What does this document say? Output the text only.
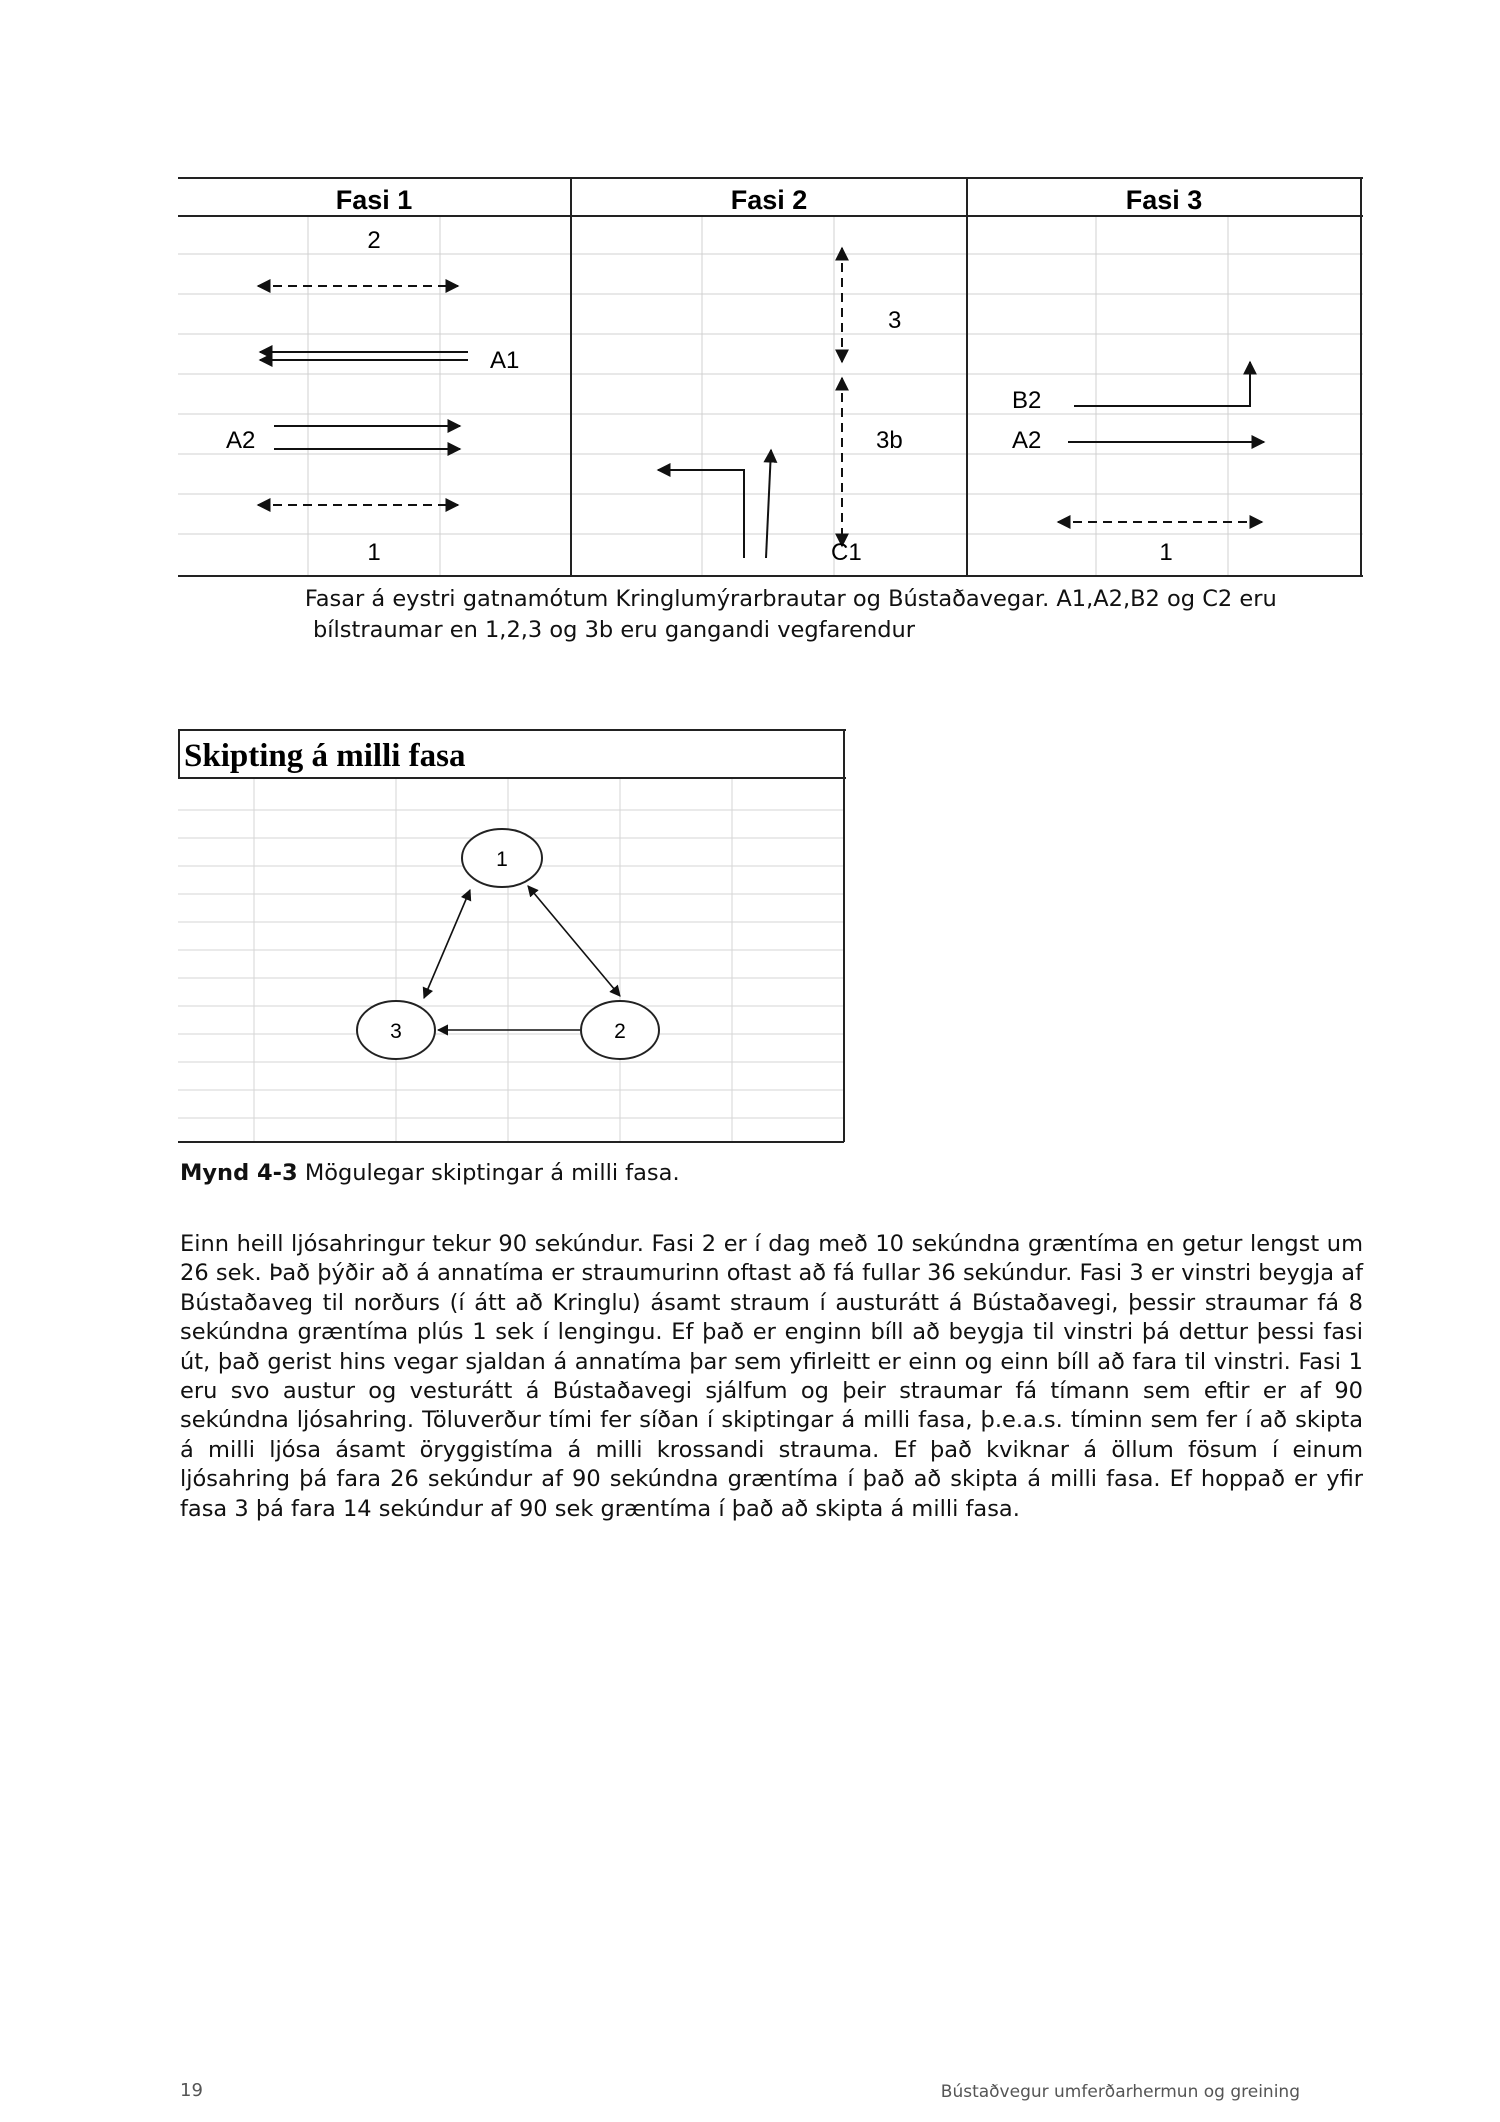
Fasi 1	Fasi 2	Fasi 3
2
A1
A2
1
3
3b
C1
B2
A2
1
Fasar á eystri gatnamótum Kringlumýrarbrautar og Bústaðavegar. A1,A2,B2 og C2 eru bílstraumar en 1,2,3 og 3b eru gangandi vegfarendur
Skipting á milli fasa
1
2
3
Mynd 4-3 Mögulegar skiptingar á milli fasa.
Einn heill ljósahringur tekur 90 sekúndur. Fasi 2 er í dag með 10 sekúndna græntíma en getur lengst um 26 sek. Það þýðir að á annatíma er straumurinn oftast að fá fullar 36 sekúndur. Fasi 3 er vinstri beygja af Bústaðaveg til norðurs (í átt að Kringlu) ásamt straum í austurátt á Bústaðavegi, þessir straumar fá 8 sekúndna græntíma plús 1 sek í lengingu. Ef það er enginn bíll að beygja til vinstri þá dettur þessi fasi út, það gerist hins vegar sjaldan á annatíma þar sem yfirleitt er einn og einn bíll að fara til vinstri. Fasi 1 eru svo austur og vesturátt á Bústaðavegi sjálfum og þeir straumar fá tímann sem eftir er af 90 sekúndna ljósahring. Töluverður tími fer síðan í skiptingar á milli fasa, þ.e.a.s. tíminn sem fer í að skipta á milli ljósa ásamt öryggistíma á milli krossandi strauma. Ef það kviknar á öllum fösum í einum ljósahring þá fara 26 sekúndur af 90 sekúndna græntíma í það að skipta á milli fasa. Ef hoppað er yfir fasa 3 þá fara 14 sekúndur af 90 sek græntíma í það að skipta á milli fasa.
19	Bústaðvegur umferðarhermun og greining
